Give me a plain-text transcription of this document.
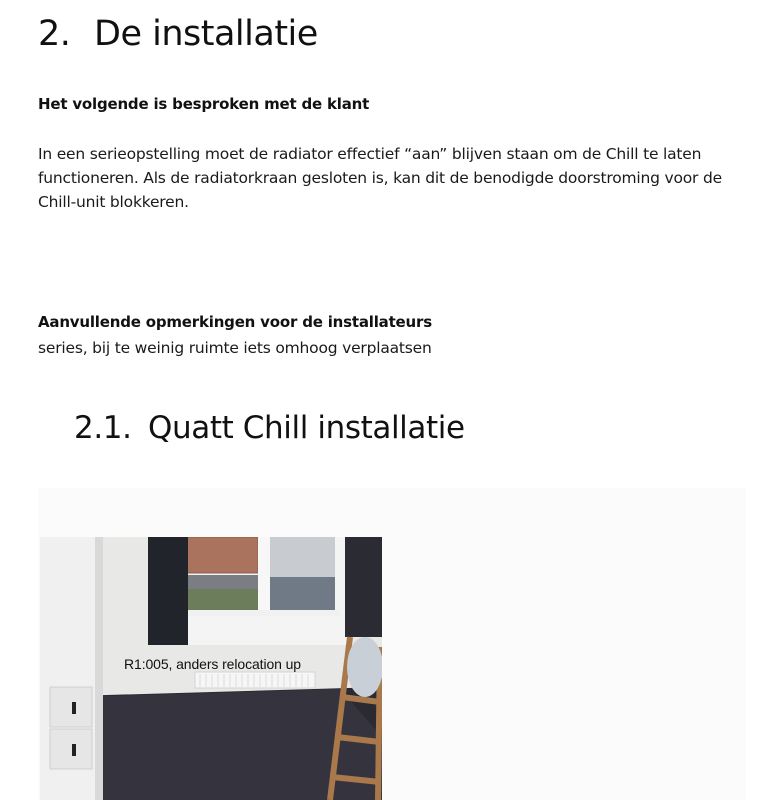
2. De installatie
Het volgende is besproken met de klant
In een serieopstelling moet de radiator effectief “aan” blijven staan om de Chill te laten functioneren. Als de radiatorkraan gesloten is, kan dit de benodigde doorstroming voor de Chill-unit blokkeren.
Aanvullende opmerkingen voor de installateurs
series, bij te weinig ruimte iets omhoog verplaatsen
2.1. Quatt Chill installatie
R1:005, anders relocation up
